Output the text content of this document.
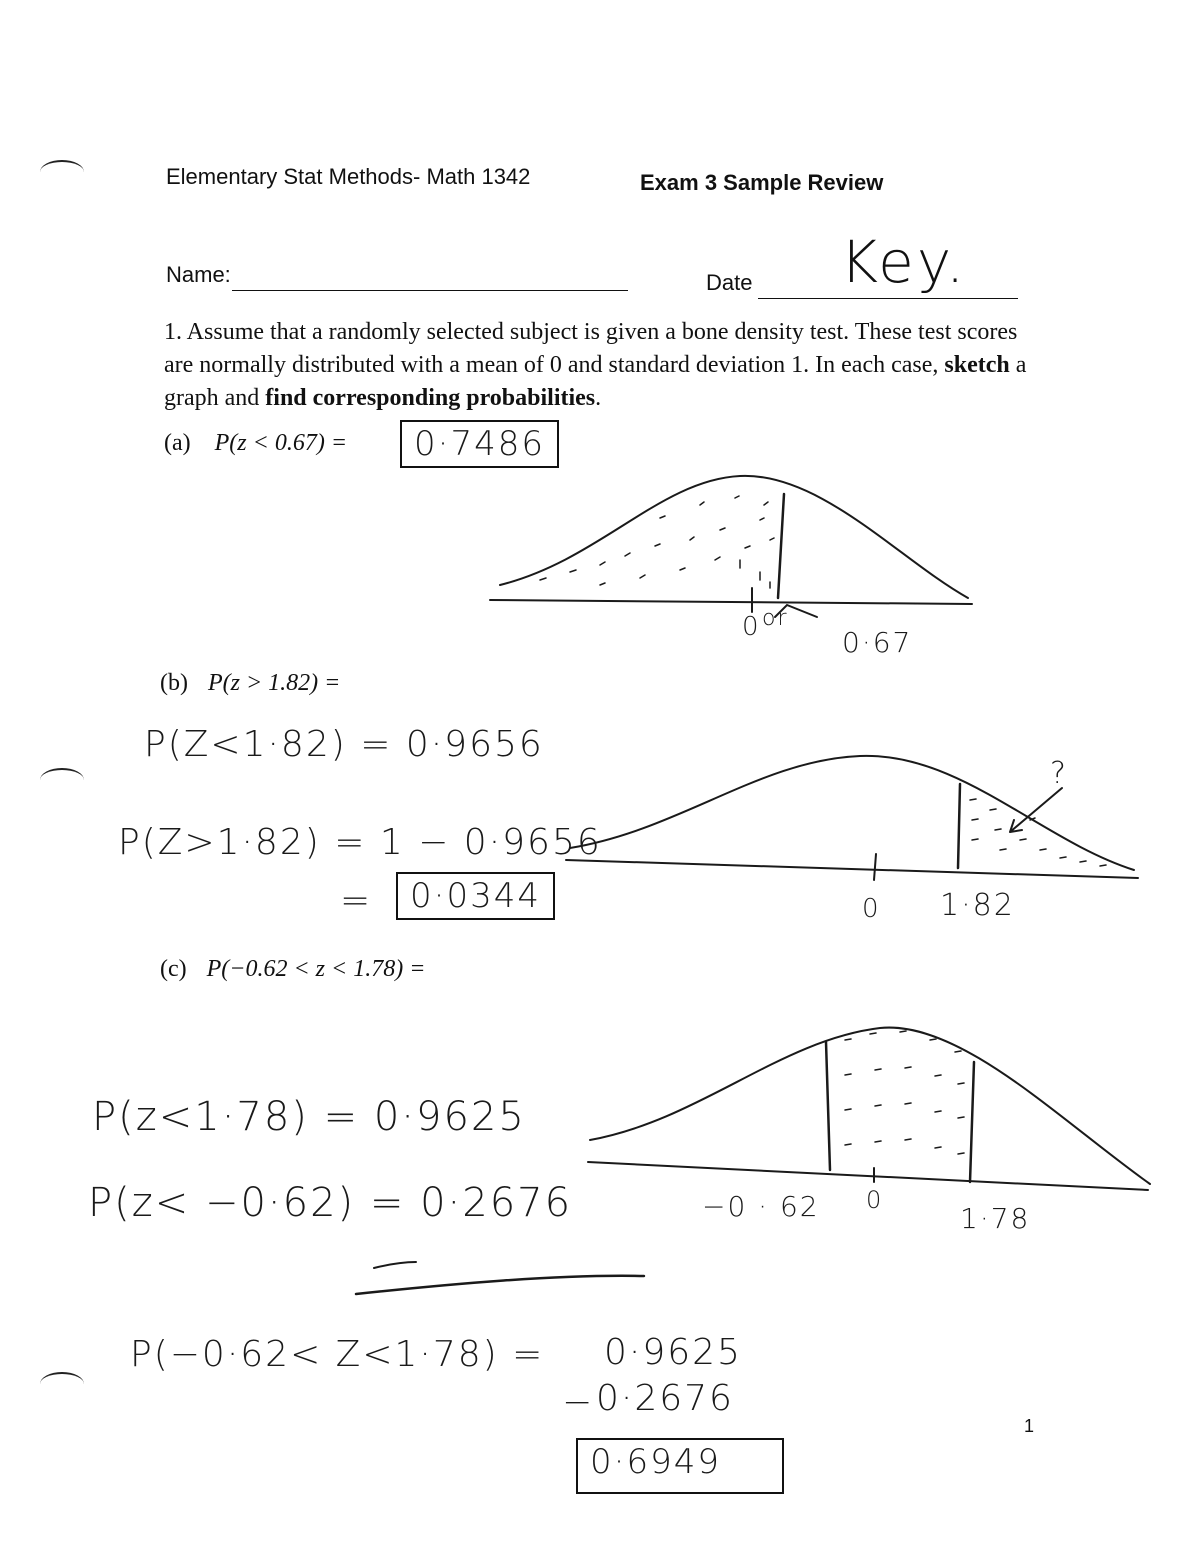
Elementary Stat Methods- Math 1342	Exam 3 Sample Review
Name:	Date Key.
1. Assume that a randomly selected subject is given a bone density test. These test scores are normally distributed with a mean of 0 and standard deviation 1. In each case, sketch a graph and find corresponding probabilities.
(a) P(z < 0.67) =	0·7486
0 or
0·67
(b) P(z > 1.82) =
P(Z<1·82) = 0·9656
P(Z>1·82) = 1 − 0·9656
=	0·0344	0 1·82
?
(c) P(−0.62 < z < 1.78) =
P(z<1·78) = 0·9625
P(z< −0·62) = 0·2676	−0 · 62 0
1·78
P(−0·62< Z<1·78) = 0·9625
− 0·2676
0·6949
1
